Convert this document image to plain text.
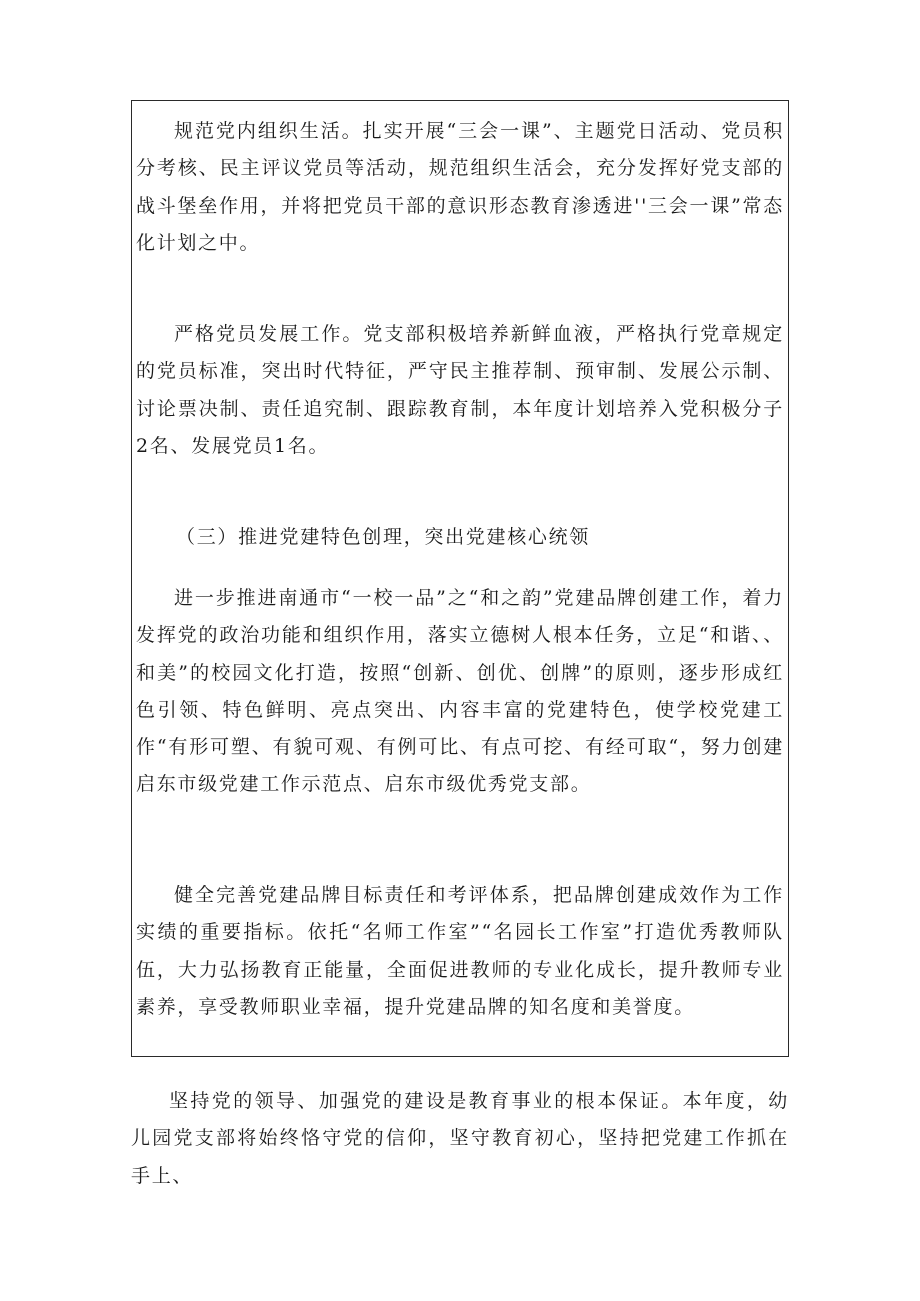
规范党内组织生活。扎实开展“三会一课”、主题党日活动、党员积分考核、民主评议党员等活动，规范组织生活会，充分发挥好党支部的战斗堡垒作用，并将把党员干部的意识形态教育渗透进''三会一课”常态化计划之中。

严格党员发展工作。党支部积极培养新鲜血液，严格执行党章规定的党员标准，突出时代特征，严守民主推荐制、预审制、发展公示制、讨论票决制、责任追究制、跟踪教育制，本年度计划培养入党积极分子2名、发展党员1名。

（三）推进党建特色创理，突出党建核心统领

进一步推进南通市“一校一品”之“和之韵”党建品牌创建工作，着力发挥党的政治功能和组织作用，落实立德树人根本任务，立足“和谐、、和美”的校园文化打造，按照“创新、创优、创牌”的原则，逐步形成红色引领、特色鲜明、亮点突出、内容丰富的党建特色，使学校党建工作“有形可塑、有貌可观、有例可比、有点可挖、有经可取“，努力创建启东市级党建工作示范点、启东市级优秀党支部。

健全完善党建品牌目标责任和考评体系，把品牌创建成效作为工作实绩的重要指标。依托“名师工作室”“名园长工作室”打造优秀教师队伍，大力弘扬教育正能量，全面促进教师的专业化成长，提升教师专业素养，享受教师职业幸福，提升党建品牌的知名度和美誉度。

坚持党的领导、加强党的建设是教育事业的根本保证。本年度，幼儿园党支部将始终恪守党的信仰，坚守教育初心，坚持把党建工作抓在手上、
